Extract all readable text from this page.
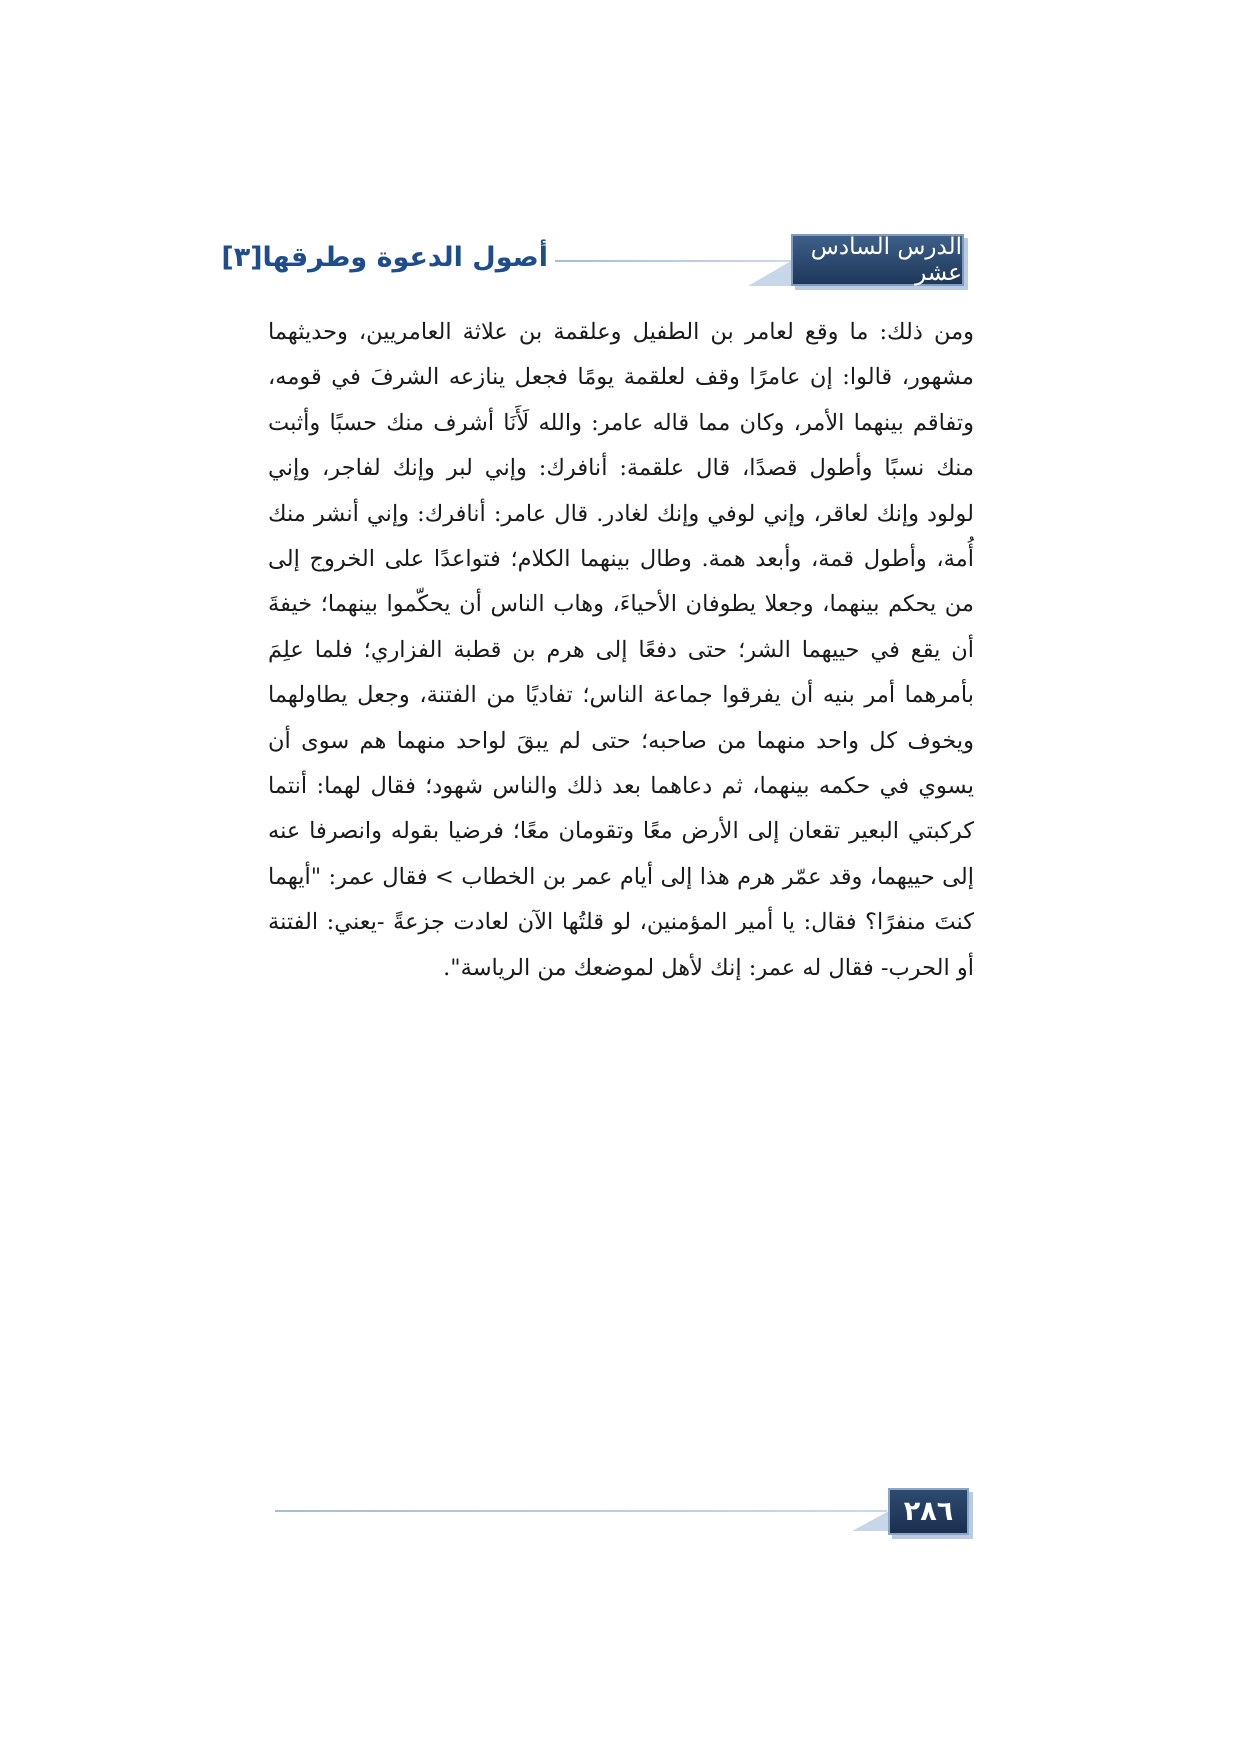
الدرس السادس عشر
أصول الدعوة وطرقها[٣]
ومن ذلك: ما وقع لعامر بن الطفيل وعلقمة بن علاثة العامريين، وحديثهما مشهور، قالوا: إن عامرًا وقف لعلقمة يومًا فجعل ينازعه الشرفَ في قومه، وتفاقم بينهما الأمر، وكان مما قاله عامر: والله لَأَنَا أشرف منك حسبًا وأثبت منك نسبًا وأطول قصدًا، قال علقمة: أنافرك: وإني لبر وإنك لفاجر، وإني لولود وإنك لعاقر، وإني لوفي وإنك لغادر. قال عامر: أنافرك: وإني أنشر منك أُمة، وأطول قمة، وأبعد همة. وطال بينهما الكلام؛ فتواعدًا على الخروج إلى من يحكم بينهما، وجعلا يطوفان الأحياءَ، وهاب الناس أن يحكّموا بينهما؛ خيفةَ أن يقع في حييهما الشر؛ حتى دفعًا إلى هرم بن قطبة الفزاري؛ فلما علِمَ بأمرهما أمر بنيه أن يفرقوا جماعة الناس؛ تفاديًا من الفتنة، وجعل يطاولهما ويخوف كل واحد منهما من صاحبه؛ حتى لم يبقَ لواحد منهما هم سوى أن يسوي في حكمه بينهما، ثم دعاهما بعد ذلك والناس شهود؛ فقال لهما: أنتما كركبتي البعير تقعان إلى الأرض معًا وتقومان معًا؛ فرضيا بقوله وانصرفا عنه إلى حييهما، وقد عمّر هرم هذا إلى أيام عمر بن الخطاب > فقال عمر: "أيهما كنتَ منفرًا؟ فقال: يا أمير المؤمنين، لو قلتُها الآن لعادت جزعةً -يعني: الفتنة أو الحرب- فقال له عمر: إنك لأهل لموضعك من الرياسة".
٢٨٦
